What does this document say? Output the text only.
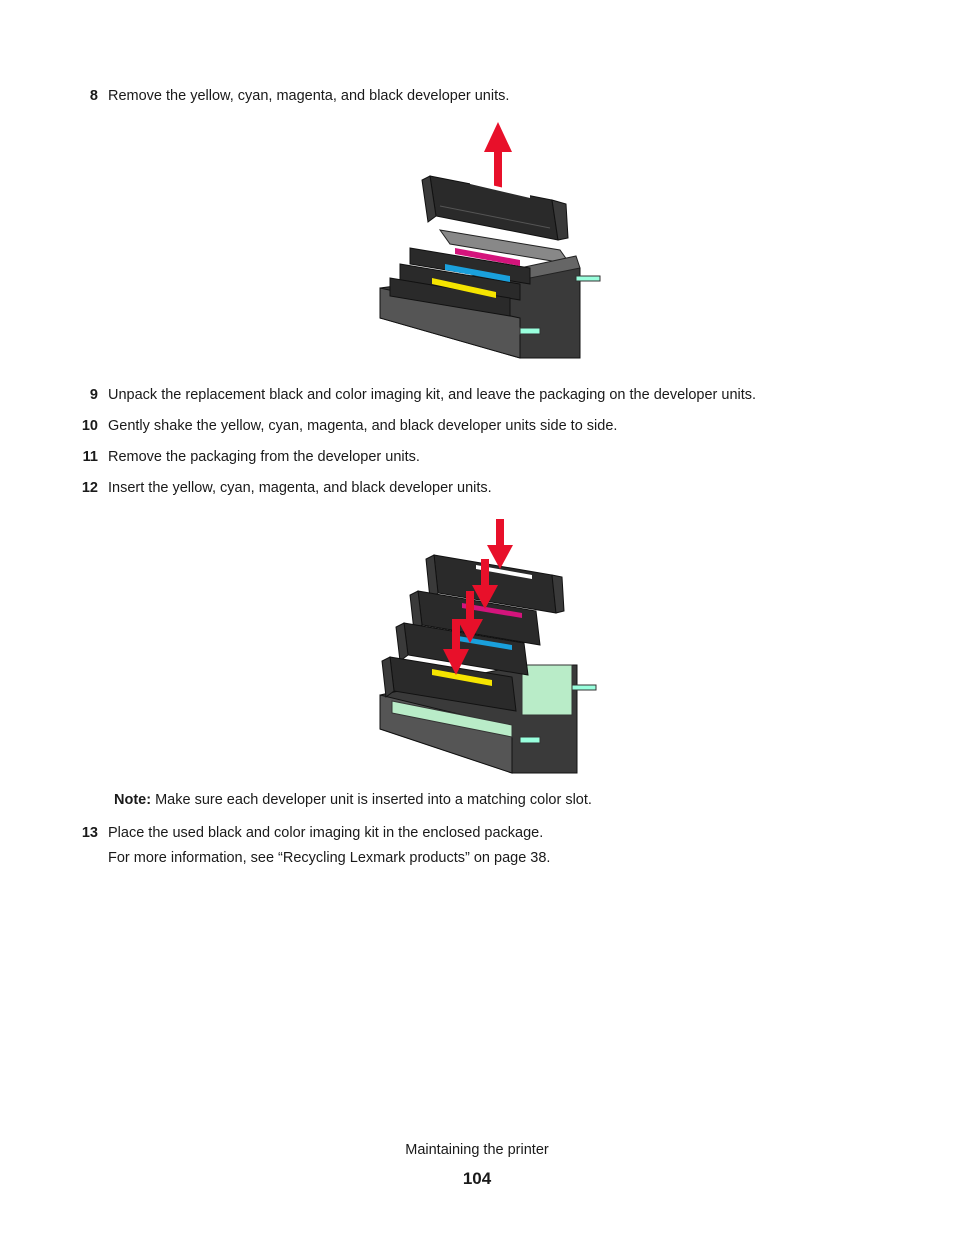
8 Remove the yellow, cyan, magenta, and black developer units.
9 Unpack the replacement black and color imaging kit, and leave the packaging on the developer units.
10 Gently shake the yellow, cyan, magenta, and black developer units side to side.
11 Remove the packaging from the developer units.
12 Insert the yellow, cyan, magenta, and black developer units.
Note: Make sure each developer unit is inserted into a matching color slot.
13 Place the used black and color imaging kit in the enclosed package.
For more information, see “Recycling Lexmark products” on page 38.
Maintaining the printer
104
